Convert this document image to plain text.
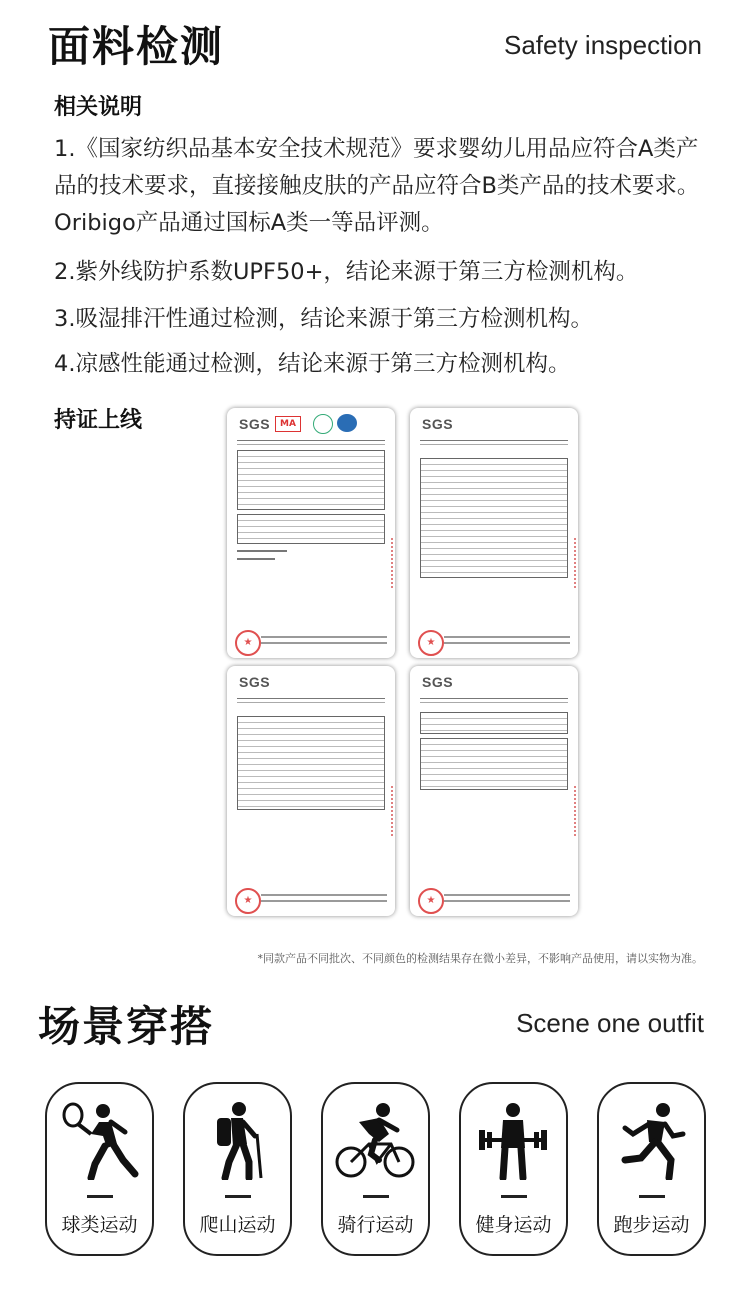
面料检测	Safety inspection
相关说明
1.《国家纺织品基本安全技术规范》要求婴幼儿用品应符合A类产品的技术要求，直接接触皮肤的产品应符合B类产品的技术要求。Oribigo产品通过国标A类一等品评测。
2.紫外线防护系数UPF50+，结论来源于第三方检测机构。
3.吸湿排汗性通过检测，结论来源于第三方检测机构。
4.凉感性能通过检测，结论来源于第三方检测机构。
持证上线	SGS	MA
★
SGS
★
SGS
★
SGS
★
*同款产品不同批次、不同颜色的检测结果存在微小差异，不影响产品使用，请以实物为准。
场景穿搭	Scene one outfit
球类运动	爬山运动	骑行运动	健身运动	跑步运动
